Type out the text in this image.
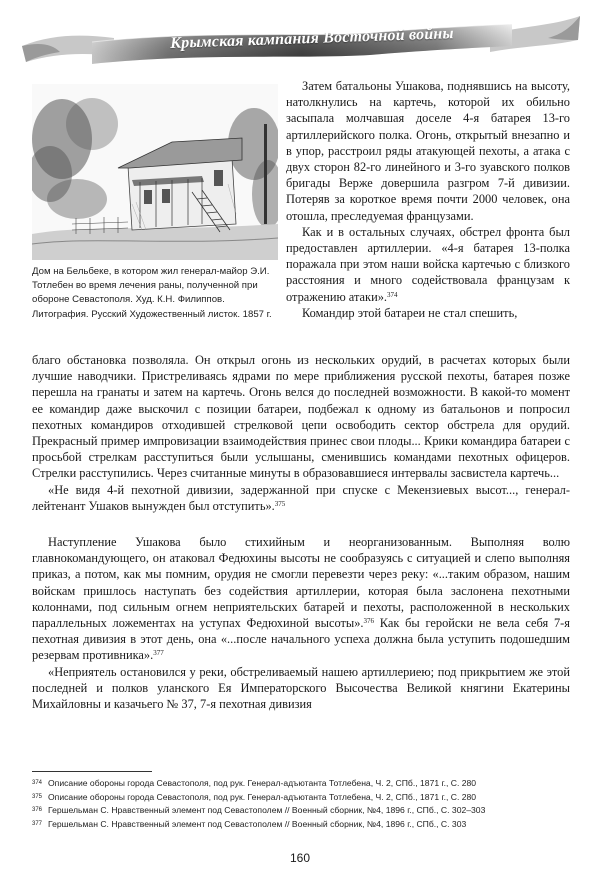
Крымская кампания Восточной войны
Дом на Бельбеке, в котором жил генерал-майор Э.И. Тотлебен во время лечения раны, полученной при обороне Севастополя. Худ. К.Н. Филиппов. Литография. Русский Художественный листок. 1857 г.

Затем батальоны Ушакова, поднявшись на высоту, натолкнулись на картечь, которой их обильно засыпала молчавшая доселе 4-я батарея 13-го артиллерийского полка. Огонь, открытый внезапно и в упор, расстроил ряды атакующей пехоты, а атака с двух сторон 82-го линейного и 3-го зуавского полков бригады Верже довершила разгром 7-й дивизии. Потеряв за короткое время почти 2000 человек, она отошла, преследуемая французами.

Как и в остальных случаях, обстрел фронта был предоставлен артиллерии. «4-я батарея 13-полка поражала при этом наши войска картечью с близкого расстояния и много содействовала французам к отражению атаки».$^{374}$

Командир этой батареи не стал спешить,

благо обстановка позволяла. Он открыл огонь из нескольких орудий, в расчетах которых были лучшие наводчики. Пристреливаясь ядрами по мере приближения русской пехоты, батарея позже перешла на гранаты и затем на картечь. Огонь велся до последней возможности. В какой-то момент ее командир даже выскочил с позиции батареи, подбежал к одному из батальонов и попросил пехотных командиров отходившей стрелковой цепи освободить сектор обстрела для орудий. Прекрасный пример импровизации взаимодействия принес свои плоды... Крики командира батареи с просьбой стрелкам расступиться были услышаны, сменившись командами пехотных офицеров. Стрелки расступились. Через считанные минуты в образовавшиеся интервалы засвистела картечь...

«Не видя 4-й пехотной дивизии, задержанной при спуске с Мекензиевых высот..., генерал-лейтенант Ушаков вынужден был отступить».$^{375}$

Наступление Ушакова было стихийным и неорганизованным. Выполняя волю главнокомандующего, он атаковал Федюхины высоты не сообразуясь с ситуацией и слепо выполняя приказ, а потом, как мы помним, орудия не смогли перевезти через реку: «...таким образом, нашим войскам пришлось наступать без содействия артиллерии, которая была заслонена пехотными колоннами, под сильным огнем неприятельских батарей и пехоты, расположенной в нескольких параллельных ложементах на уступах Федюхиной высоты».$^{376}$ Как бы геройски не вела себя 7-я пехотная дивизия в этот день, она «...после начального успеха должна была уступить подошедшим резервам противника».$^{377}$

«Неприятель остановился у реки, обстреливаемый нашею артиллериею; под прикрытием же этой последней и полков уланского Ея Императорского Высочества Великой княгини Екатерины Михайловны и казачьего № 37, 7-я пехотная дивизия

374 Описание обороны города Севастополя, под рук. Генерал-адъютанта Тотлебена, Ч. 2, СПб., 1871 г., С. 280
375 Описание обороны города Севастополя, под рук. Генерал-адъютанта Тотлебена, Ч. 2, СПб., 1871 г., С. 280
376 Гершельман С. Нравственный элемент под Севастополем // Военный сборник, №4, 1896 г., СПб., С. 302–303
377 Гершельман С. Нравственный элемент под Севастополем // Военный сборник, №4, 1896 г., СПб., С. 303
160
